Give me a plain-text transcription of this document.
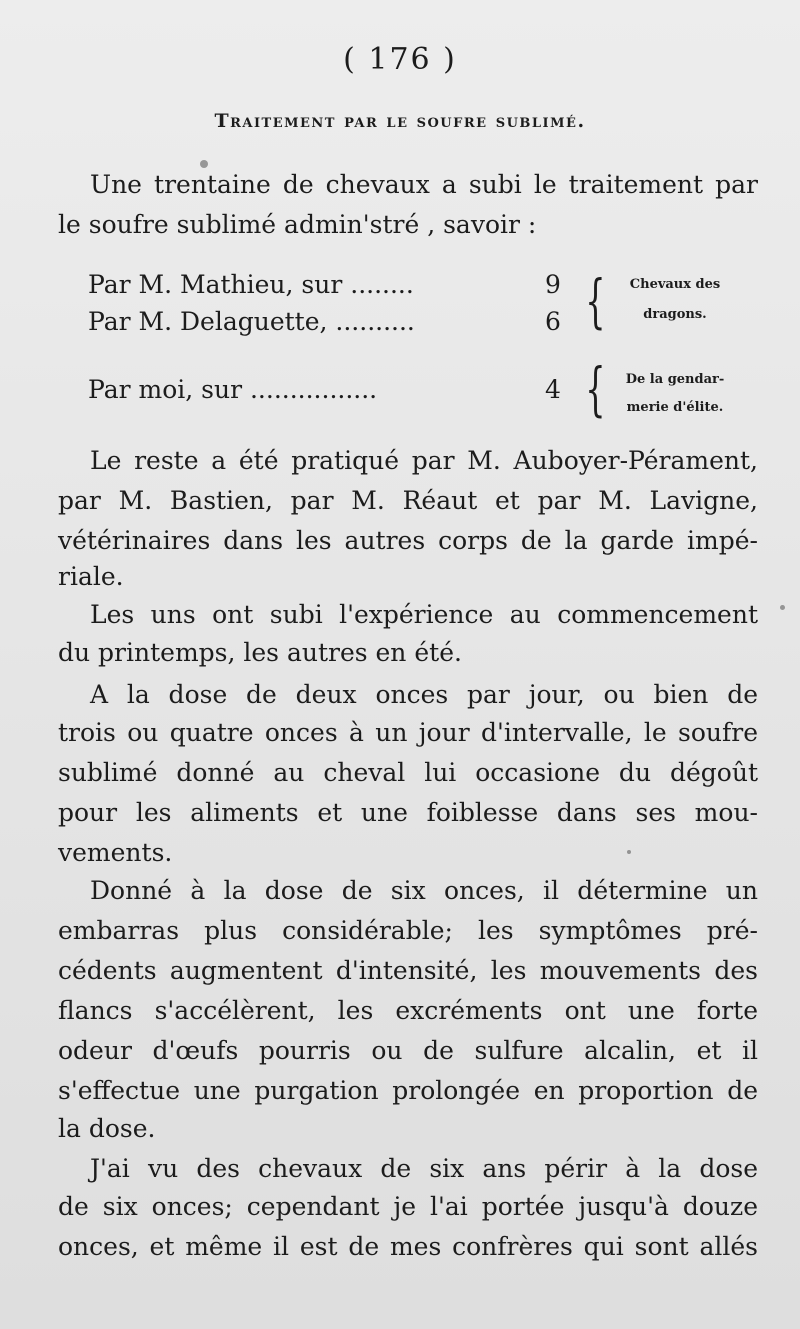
( 176 )
Traitement par le soufre sublimé.
Une trentaine de chevaux a subi le traitement par
le soufre sublimé admin'stré , savoir :
Par M. Mathieu, sur ........	9
Par M. Delaguette, ..........	6 {	Chevaux des
dragons.
Par moi, sur ................	4 {	De la gendar-
merie d'élite.
Le reste a été pratiqué par M. Auboyer-Pérament,
par M. Bastien, par M. Réaut et par M. Lavigne,
vétérinaires dans les autres corps de la garde impé-
riale.
Les uns ont subi l'expérience au commencement
du printemps, les autres en été.
A la dose de deux onces par jour, ou bien de
trois ou quatre onces à un jour d'intervalle, le soufre
sublimé donné au cheval lui occasione du dégoût
pour les aliments et une foiblesse dans ses mou-
vements.
Donné à la dose de six onces, il détermine un
embarras plus considérable; les symptômes pré-
cédents augmentent d'intensité, les mouvements des
flancs s'accélèrent, les excréments ont une forte
odeur d'œufs pourris ou de sulfure alcalin, et il
s'effectue une purgation prolongée en proportion de
la dose.
J'ai vu des chevaux de six ans périr à la dose
de six onces; cependant je l'ai portée jusqu'à douze
onces, et même il est de mes confrères qui sont allés
